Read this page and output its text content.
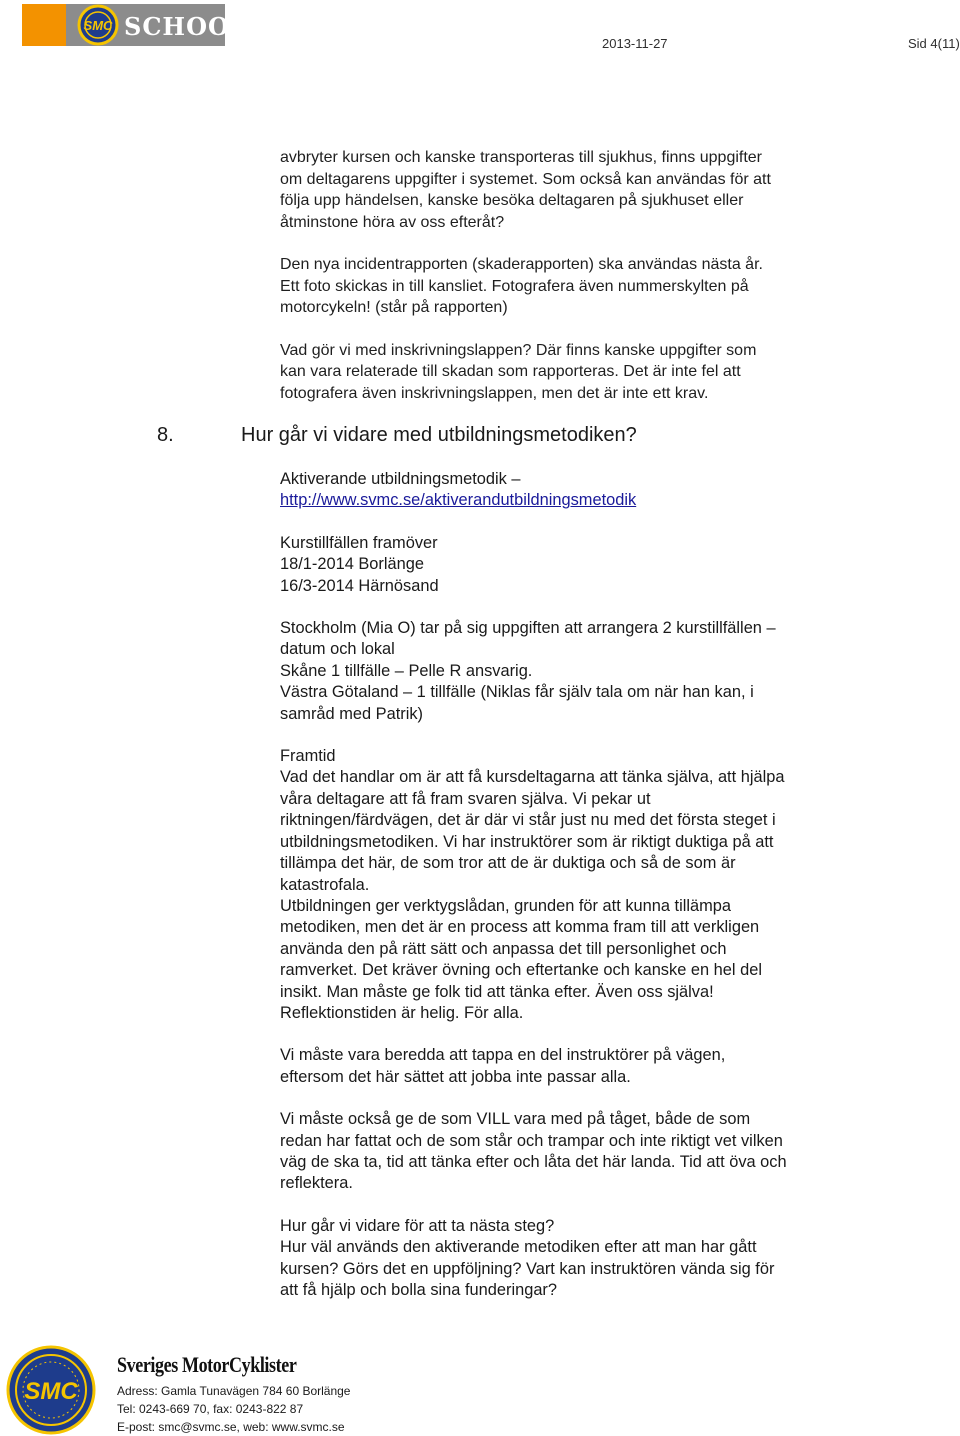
SMC SCHOOL
2013-11-27	Sid 4(11)

avbryter kursen och kanske transporteras till sjukhus, finns uppgifter

om deltagarens uppgifter i systemet. Som också kan användas för att

följa upp händelsen, kanske besöka deltagaren på sjukhuset eller

åtminstone höra av oss efteråt?

Den nya incidentrapporten (skaderapporten) ska användas nästa år.

Ett foto skickas in till kansliet. Fotografera även nummerskylten på

motorcykeln! (står på rapporten)

Vad gör vi med inskrivningslappen? Där finns kanske uppgifter som

kan vara relaterade till skadan som rapporteras. Det är inte fel att

fotografera även inskrivningslappen, men det är inte ett krav.

8.	Hur går vi vidare med utbildningsmetodiken?

Aktiverande utbildningsmetodik –

http://www.svmc.se/aktiverandutbildningsmetodik

Kurstillfällen framöver

18/1-2014 Borlänge

16/3-2014 Härnösand

Stockholm (Mia O) tar på sig uppgiften att arrangera 2 kurstillfällen –

datum och lokal

Skåne 1 tillfälle – Pelle R ansvarig.

Västra Götaland – 1 tillfälle (Niklas får själv tala om när han kan, i

samråd med Patrik)

Framtid

Vad det handlar om är att få kursdeltagarna att tänka själva, att hjälpa

våra deltagare att få fram svaren själva. Vi pekar ut

riktningen/färdvägen, det är där vi står just nu med det första steget i

utbildningsmetodiken. Vi har instruktörer som är riktigt duktiga på att

tillämpa det här, de som tror att de är duktiga och så de som är

katastrofala.

Utbildningen ger verktygslådan, grunden för att kunna tillämpa

metodiken, men det är en process att komma fram till att verkligen

använda den på rätt sätt och anpassa det till personlighet och

ramverket. Det kräver övning och eftertanke och kanske en hel del

insikt. Man måste ge folk tid att tänka efter. Även oss själva!

Reflektionstiden är helig. För alla.

Vi måste vara beredda att tappa en del instruktörer på vägen,

eftersom det här sättet att jobba inte passar alla.

Vi måste också ge de som VILL vara med på tåget, både de som

redan har fattat och de som står och trampar och inte riktigt vet vilken

väg de ska ta, tid att tänka efter och låta det här landa. Tid att öva och

reflektera.

Hur går vi vidare för att ta nästa steg?

Hur väl används den aktiverande metodiken efter att man har gått

kursen? Görs det en uppföljning? Vart kan instruktören vända sig för

att få hjälp och bolla sina funderingar?

SMC
Sveriges MotorCyklister
Adress: Gamla Tunavägen 784 60 Borlänge
Tel: 0243-669 70, fax: 0243-822 87
E-post: smc@svmc.se, web: www.svmc.se
